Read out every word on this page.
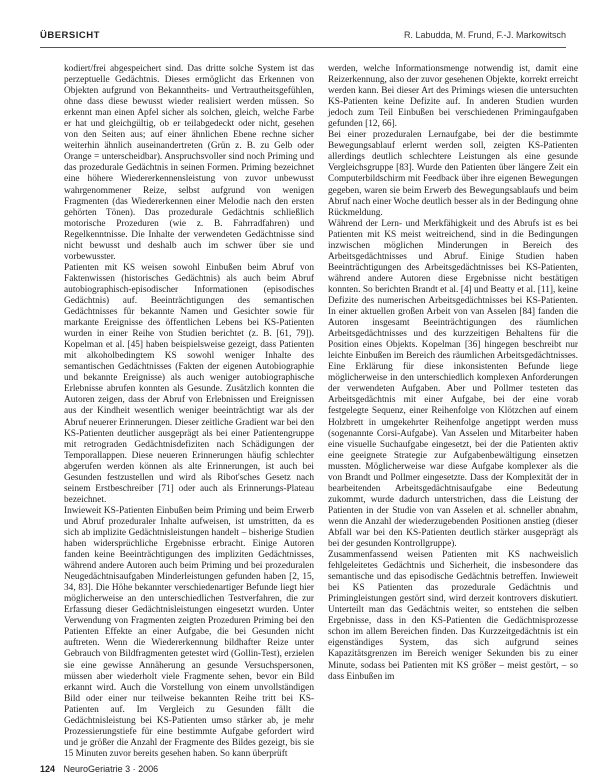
ÜBERSICHT	R. Labudda, M. Frund, F.-J. Markowitsch

kodiert/frei abgespeichert sind. Das dritte solche System ist das perzeptuelle Gedächtnis. Dieses ermöglicht das Erkennen von Objekten aufgrund von Bekanntheits- und Vertrautheitsgefühlen, ohne dass diese bewusst wieder realisiert werden müssen. So erkennt man einen Apfel sicher als solchen, gleich, welche Farbe er hat und gleichgültig, ob er teilabgedeckt oder nicht, gesehen von den Seiten aus; auf einer ähnlichen Ebene rechne sicher weiterhin ähnlich auseinandertreten (Grün z. B. zu Gelb oder Orange = unterscheidbar). Anspruchsvoller sind noch Priming und das prozedurale Gedächtnis in seinen Formen. Priming bezeichnet eine höhere Wiedererkennensleistung von zuvor unbewusst wahrgenommener Reize, selbst aufgrund von wenigen Fragmenten (das Wiedererkennen einer Melodie nach den ersten gehörten Tönen). Das prozedurale Gedächtnis schließlich motorische Prozeduren (wie z. B. Fahrradfahren) und Regelkenntnisse. Die Inhalte der verwendeten Gedächtnisse sind nicht bewusst und deshalb auch im schwer über sie und vorbewusster.

Patienten mit KS weisen sowohl Einbußen beim Abruf von Faktenwissen (historisches Gedächtnis) als auch beim Abruf autobiographisch-episodischer Informationen (episodisches Gedächtnis) auf. Beeinträchtigungen des semantischen Gedächtnisses für bekannte Namen und Gesichter sowie für markante Ereignisse des öffentlichen Lebens bei KS-Patienten wurden in einer Reihe von Studien berichtet (z. B. [61, 79]). Kopelman et al. [45] haben beispielsweise gezeigt, dass Patienten mit alkoholbedingtem KS sowohl weniger Inhalte des semantischen Gedächtnisses (Fakten der eigenen Autobiographie und bekannte Ereignisse) als auch weniger autobiographische Erlebnisse abrufen konnten als Gesunde. Zusätzlich konnten die Autoren zeigen, dass der Abruf von Erlebnissen und Ereignissen aus der Kindheit wesentlich weniger beeinträchtigt war als der Abruf neuerer Erinnerungen. Dieser zeitliche Gradient war bei den KS-Patienten deutlicher ausgeprägt als bei einer Patientengruppe mit retrograden Gedächtnisdefiziten nach Schädigungen der Temporallappen. Diese neueren Erinnerungen häufig schlechter abgerufen werden können als alte Erinnerungen, ist auch bei Gesunden festzustellen und wird als Ribot'sches Gesetz nach seinem Erstbeschreiber [71] oder auch als Erinnerungs-Plateau bezeichnet.

Inwieweit KS-Patienten Einbußen beim Priming und beim Erwerb und Abruf prozeduraler Inhalte aufweisen, ist umstritten, da es sich ab implizite Gedächtnisleistungen handelt – bisherige Studien haben widersprüchliche Ergebnisse erbracht. Einige Autoren fanden keine Beeinträchtigungen des impliziten Gedächtnisses, während andere Autoren auch beim Priming und bei prozeduralen Neugedächtnisaufgaben Minderleistungen gefunden haben [2, 15, 34, 83]. Die Höhe bekannter verschiedenartiger Befunde liegt hier möglicherweise an den unterschiedlichen Testverfahren, die zur Erfassung dieser Gedächtnisleistungen eingesetzt wurden. Unter Verwendung von Fragmenten zeigten Prozeduren Priming bei den Patienten Effekte an einer Aufgabe, die bei Gesunden nicht auftreten. Wenn die Wiedererkennung bildhafter Reize unter Gebrauch von Bildfragmenten getestet wird (Gollin-Test), erzielen sie eine gewisse Annäherung an gesunde Versuchspersonen, müssen aber wiederholt viele Fragmente sehen, bevor ein Bild erkannt wird. Auch die Vorstellung von einem unvollständigen Bild oder einer nur teilweise bekannten Reihe tritt bei KS-Patienten auf. Im Vergleich zu Gesunden fällt die Gedächtnisleistung bei KS-Patienten umso stärker ab, je mehr Prozessierungstiefe für eine bestimmte Aufgabe gefordert wird und je größer die Anzahl der Fragmente des Bildes gezeigt, bis sie 15 Minuten zuvor bereits gesehen haben. So kann überprüft

werden, welche Informationsmenge notwendig ist, damit eine Reizerkennung, also der zuvor gesehenen Objekte, korrekt erreicht werden kann. Bei dieser Art des Primings wiesen die untersuchten KS-Patienten keine Defizite auf. In anderen Studien wurden jedoch zum Teil Einbußen bei verschiedenen Primingaufgaben gefunden [12, 66].

Bei einer prozeduralen Lernaufgabe, bei der die bestimmte Bewegungsablauf erlernt werden soll, zeigten KS-Patienten allerdings deutlich schlechtere Leistungen als eine gesunde Vergleichsgruppe [83]. Wurde den Patienten über längere Zeit ein Computerbildschirm mit Feedback über ihre eigenen Bewegungen gegeben, waren sie beim Erwerb des Bewegungsablaufs und beim Abruf nach einer Woche deutlich besser als in der Bedingung ohne Rückmeldung.

Während der Lern- und Merkfähigkeit und des Abrufs ist es bei Patienten mit KS meist weitreichend, sind in die Bedingungen inzwischen möglichen Minderungen in Bereich des Arbeitsgedächtnisses und Abruf. Einige Studien haben Beeinträchtigungen des Arbeitsgedächtnisses bei KS-Patienten, während andere Autoren diese Ergebnisse nicht bestätigen konnten. So berichten Brandt et al. [4] und Beatty et al. [11], keine Defizite des numerischen Arbeitsgedächtnisses bei KS-Patienten. In einer aktuellen großen Arbeit von van Asselen [84] fanden die Autoren insgesamt Beeinträchtigungen des räumlichen Arbeitsgedächtnisses und des kurzzeitigen Behaltens für die Position eines Objekts. Kopelman [36] hingegen beschreibt nur leichte Einbußen im Bereich des räumlichen Arbeitsgedächtnisses. Eine Erklärung für diese inkonsistenten Befunde liege möglicherweise in den unterschiedlich komplexen Anforderungen der verwendeten Aufgaben. Aber und Pollmer testeten das Arbeitsgedächtnis mit einer Aufgabe, bei der eine vorab festgelegte Sequenz, einer Reihenfolge von Klötzchen auf einem Holzbrett in umgekehrter Reihenfolge angetippt werden muss (sogenannte Corsi-Aufgabe). Van Asselen und Mitarbeiter haben eine visuelle Suchaufgabe eingesetzt, bei der die Patienten aktiv eine geeignete Strategie zur Aufgabenbewältigung einsetzen mussten. Möglicherweise war diese Aufgabe komplexer als die von Brandt und Pollmer eingesetzte. Dass der Komplexität der in bearbeitenden Arbeitsgedächtnisaufgabe eine Bedeutung zukommt, wurde dadurch unterstrichen, dass die Leistung der Patienten in der Studie von van Asselen et al. schneller abnahm, wenn die Anzahl der wiederzugebenden Positionen anstieg (dieser Abfall war bei den KS-Patienten deutlich stärker ausgeprägt als bei der gesunden Kontrollgruppe).

Zusammenfassend weisen Patienten mit KS nachweislich fehlgeleitetes Gedächtnis und Sicherheit, die insbesondere das semantische und das episodische Gedächtnis betreffen. Inwieweit bei KS Patienten das prozedurale Gedächtnis und Primingleistungen gestört sind, wird derzeit kontrovers diskutiert. Unterteilt man das Gedächtnis weiter, so entstehen die selben Ergebnisse, dass in den KS-Patienten die Gedächtnisprozesse schon im allem Bereichen finden. Das Kurzzeitgedächtnis ist ein eigenständiges System, das sich aufgrund seines Kapazitätsgrenzen im Bereich weniger Sekunden bis zu einer Minute, sodass bei Patienten mit KS größer – meist gestört, – so dass Einbußen im

124 NeuroGeriatrie 3 · 2006
